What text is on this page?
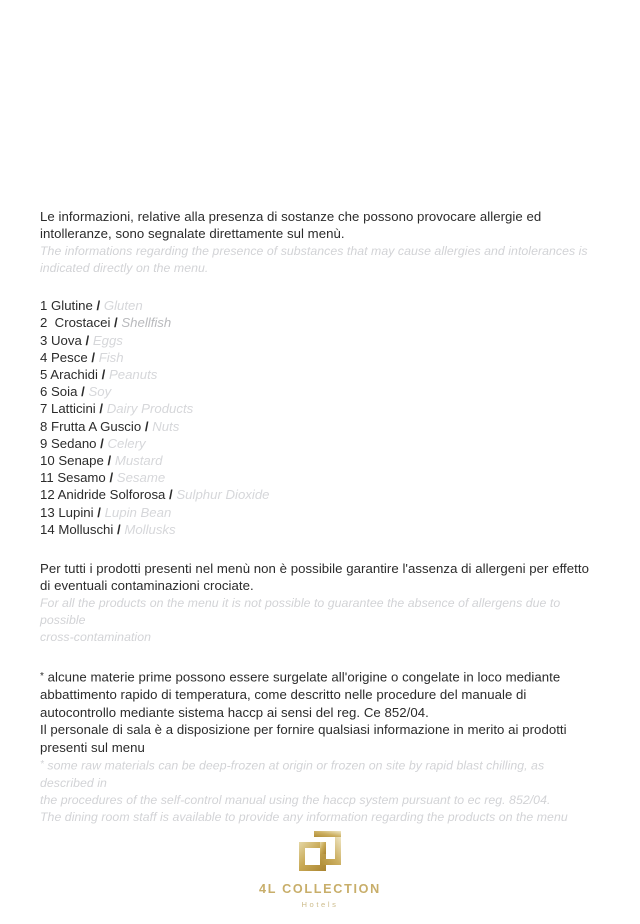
Le informazioni, relative alla presenza di sostanze che possono provocare allergie ed

intolleranze, sono segnalate direttamente sul menù.

The informations regarding the presence of substances that may cause allergies and intolerances is

indicated directly on the menu.

1 Glutine / Gluten
2 Crostacei / Shellfish
3 Uova / Eggs
4 Pesce / Fish
5 Arachidi / Peanuts
6 Soia / Soy
7 Latticini / Dairy Products
8 Frutta A Guscio / Nuts
9 Sedano / Celery
10 Senape / Mustard
11 Sesamo / Sesame
12 Anidride Solforosa / Sulphur Dioxide
13 Lupini / Lupin Bean
14 Molluschi / Mollusks

Per tutti i prodotti presenti nel menù non è possibile garantire l'assenza di allergeni per effetto

di eventuali contaminazioni crociate.

For all the products on the menu it is not possible to guarantee the absence of allergens due to possible

cross-contamination

* alcune materie prime possono essere surgelate all'origine o congelate in loco mediante

abbattimento rapido di temperatura, come descritto nelle procedure del manuale di

autocontrollo mediante sistema haccp ai sensi del reg. Ce 852/04.

Il personale di sala è a disposizione per fornire qualsiasi informazione in merito ai prodotti

presenti sul menu

* some raw materials can be deep-frozen at origin or frozen on site by rapid blast chilling, as described in

the procedures of the self-control manual using the haccp system pursuant to ec reg. 852/04.

The dining room staff is available to provide any information regarding the products on the menu

4L COLLECTION
Hotels
